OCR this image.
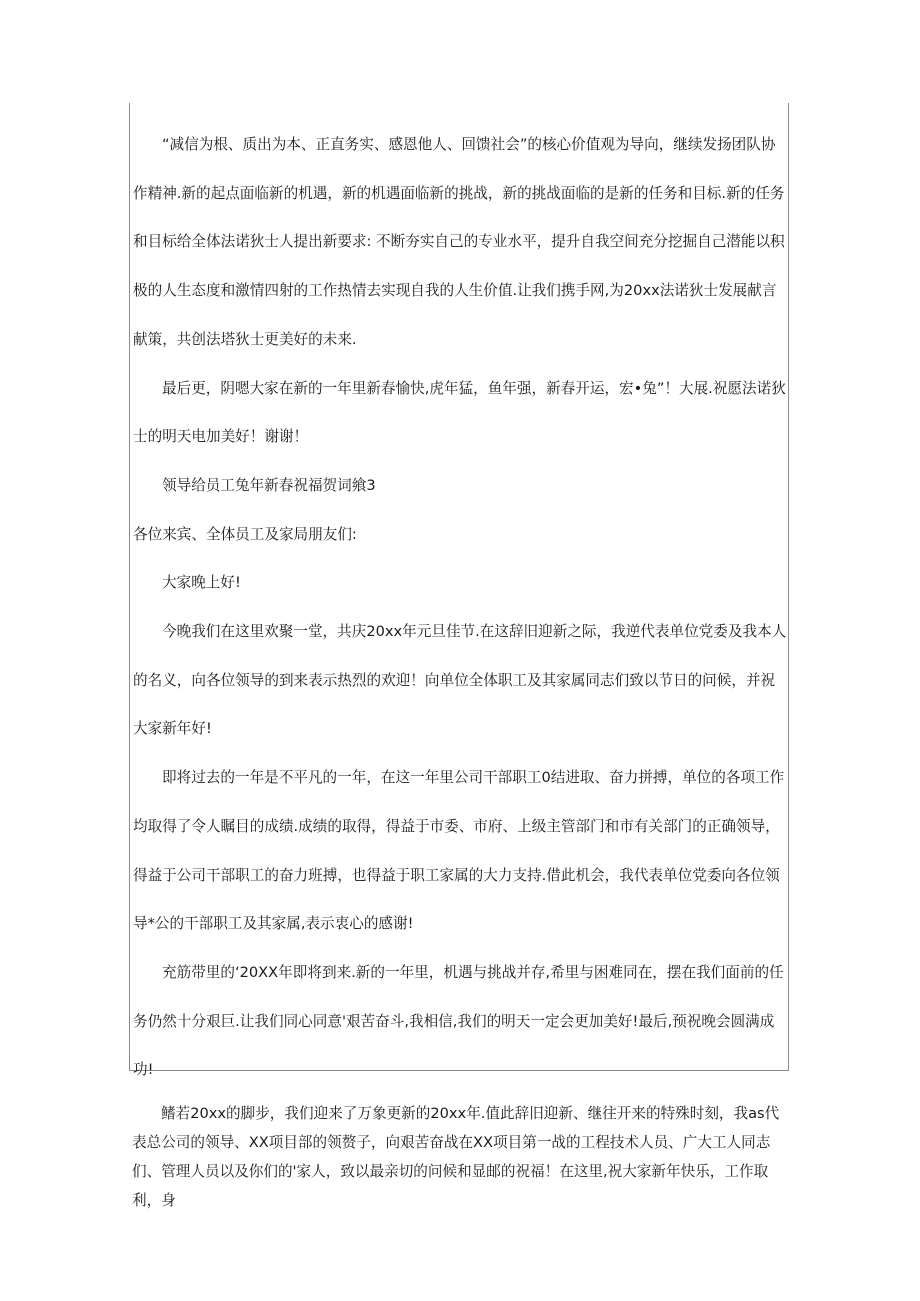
“减信为根、质出为本、正直务实、感恩他人、回馈社会”的核心价值观为导向，继续发扬团队协作精神.新的起点面临新的机遇，新的机遇面临新的挑战，新的挑战面临的是新的任务和目标.新的任务和目标给全体法诺狄士人提出新要求: 不断夯实自己的专业水平，提升自我空间充分挖掘自己潜能以积极的人生态度和激情四射的工作热情去实现自我的人生价值.让我们携手网,为20xx法诺狄士发展献言献策，共创法塔狄士更美好的未来.

最后更，阴嗯大家在新的一年里新春愉快,虎年猛，鱼年强，新春开运，宏•兔”！大展.祝愿法诺狄士的明天电加美好！谢谢！

领导给员工兔年新春祝福贺词飨3

各位来宾、全体员工及家局朋友们:

大家晚上好!

今晚我们在这里欢聚一堂，共庆20xx年元旦佳节.在这辞旧迎新之际，我逆代表单位党委及我本人的名义，向各位领导的到来表示热烈的欢迎！向单位全体职工及其家属同志们致以节日的问候，并祝大家新年好!

即将过去的一年是不平凡的一年，在这一年里公司干部职工0结进取、奋力拼搏，单位的各项工作均取得了令人瞩目的成绩.成绩的取得，得益于市委、市府、上级主管部门和市有关部门的正确领导，得益于公司干部职工的奋力班搏，也得益于职工家属的大力支持.借此机会，我代表单位党委向各位领导*公的干部职工及其家属,表示衷心的感谢!

充筋带里的‘20XX年即将到来.新的一年里，机遇与挑战并存,希里与困难同在，摆在我们面前的任务仍然十分艰巨.让我们同心同意'艰苦奋斗,我相信,我们的明天一定会更加美好!最后,预祝晚会圆满成功!

鳍若20xx的脚步，我们迎来了万象更新的20xx年.值此辞旧迎新、继往开来的特殊时刻，我as代表总公司的领导、XX项目部的领赘子，向艰苦奋战在XX项目第一战的工程技术人员、广大工人同志们、管理人员以及你们的'家人，致以最亲切的问候和显邮的祝福！在这里,祝大家新年快乐，工作取利，身
